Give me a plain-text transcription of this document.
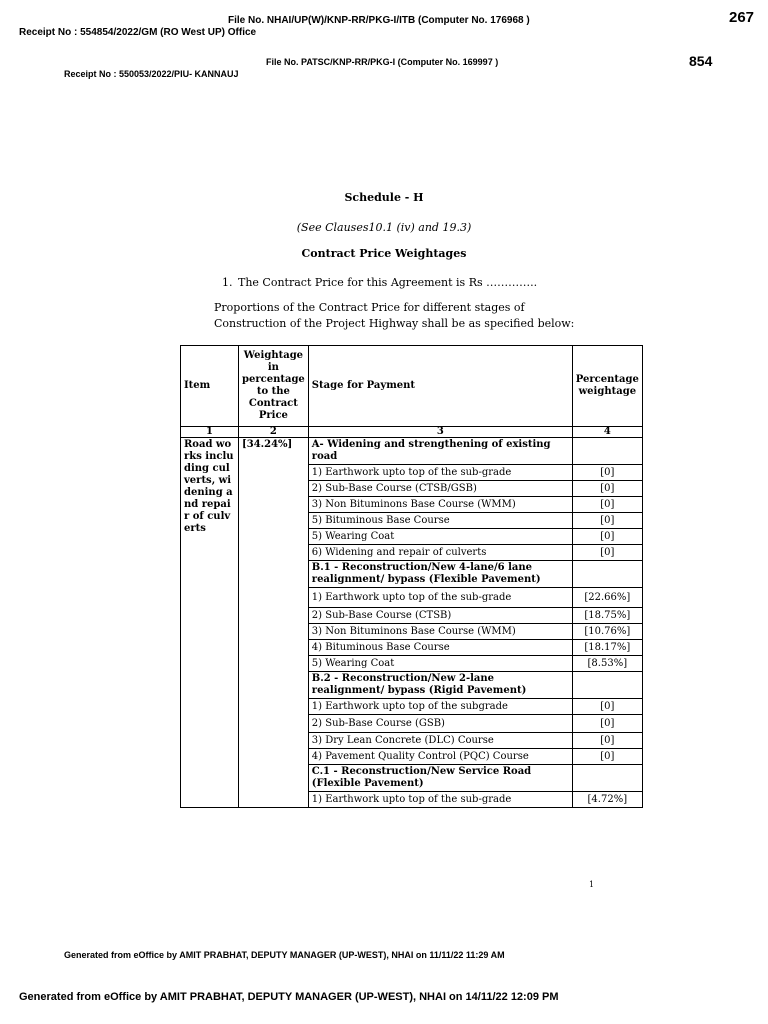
File No. NHAI/UP(W)/KNP-RR/PKG-I/ITB (Computer No. 176968 )	267
Receipt No : 554854/2022/GM (RO West UP) Office
File No. PATSC/KNP-RR/PKG-I (Computer No. 169997 )	854
Receipt No : 550053/2022/PIU- KANNAUJ
Schedule - H
(See Clauses10.1 (iv) and 19.3)
Contract Price Weightages
1. The Contract Price for this Agreement is Rs …………..
Proportions of the Contract Price for different stages of Construction of the Project Highway shall be as specified below:
Item	Weightage in percentage to the Contract Price	Stage for Payment	Percentage weightage
1	2	3	4
Road works including culverts, widening and repair of culverts	[34.24%]	A- Widening and strengthening of existing road	
		1) Earthwork upto top of the sub-grade	[0]
		2) Sub-Base Course (CTSB/GSB)	[0]
		3) Non Bituminons Base Course (WMM)	[0]
		5) Bituminous Base Course	[0]
		5) Wearing Coat	[0]
		6) Widening and repair of culverts	[0]
		B.1 - Reconstruction/New 4-lane/6 lane realignment/ bypass (Flexible Pavement)	
		1) Earthwork upto top of the sub-grade	[22.66%]
		2) Sub-Base Course (CTSB)	[18.75%]
		3) Non Bituminons Base Course (WMM)	[10.76%]
		4) Bituminous Base Course	[18.17%]
		5) Wearing Coat	[8.53%]
		B.2 - Reconstruction/New 2-lane realignment/ bypass (Rigid Pavement)	
		1) Earthwork upto top of the subgrade	[0]
		2) Sub-Base Course (GSB)	[0]
		3) Dry Lean Concrete (DLC) Course	[0]
		4) Pavement Quality Control (PQC) Course	[0]
		C.1 - Reconstruction/New Service Road (Flexible Pavement)	
		1) Earthwork upto top of the sub-grade	[4.72%]
1
Generated from eOffice by AMIT PRABHAT, DEPUTY MANAGER (UP-WEST), NHAI on 11/11/22 11:29 AM
Generated from eOffice by AMIT PRABHAT, DEPUTY MANAGER (UP-WEST), NHAI on 14/11/22 12:09 PM
